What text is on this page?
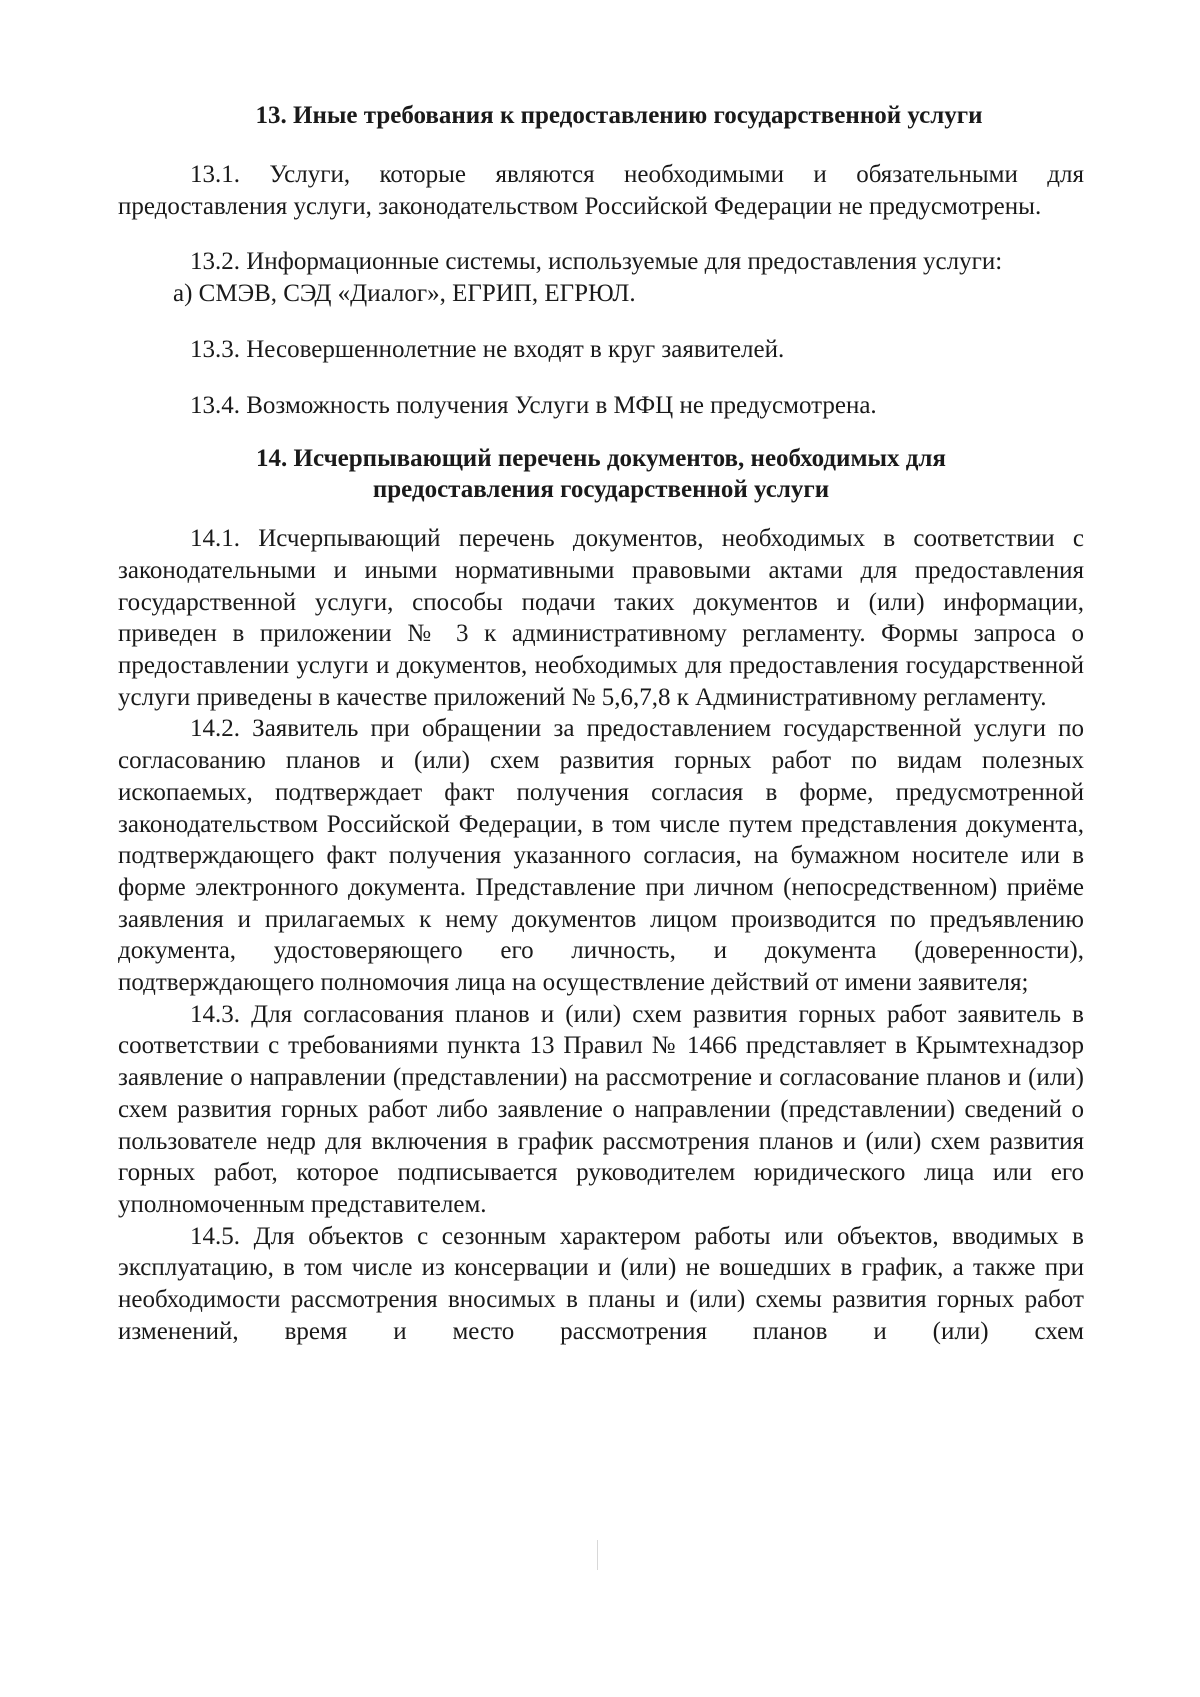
13. Иные требования к предоставлению государственной услуги

13.1. Услуги, которые являются необходимыми и обязательными для предоставления услуги, законодательством Российской Федерации не предусмотрены.

13.2. Информационные системы, используемые для предоставления услуги:

а) СМЭВ, СЭД «Диалог», ЕГРИП, ЕГРЮЛ.

13.3. Несовершеннолетние не входят в круг заявителей.

13.4. Возможность получения Услуги в МФЦ не предусмотрена.

14. Исчерпывающий перечень документов, необходимых для
предоставления государственной услуги

14.1. Исчерпывающий перечень документов, необходимых в соответствии с законодательными и иными нормативными правовыми актами для предоставления государственной услуги, способы подачи таких документов и (или) информации, приведен в приложении № 3 к административному регламенту. Формы запроса о предоставлении услуги и документов, необходимых для предоставления государственной услуги приведены в качестве приложений № 5,6,7,8 к Административному регламенту.

14.2. Заявитель при обращении за предоставлением государственной услуги по согласованию планов и (или) схем развития горных работ по видам полезных ископаемых, подтверждает факт получения согласия в форме, предусмотренной законодательством Российской Федерации, в том числе путем представления документа, подтверждающего факт получения указанного согласия, на бумажном носителе или в форме электронного документа. Представление при личном (непосредственном) приёме заявления и прилагаемых к нему документов лицом производится по предъявлению документа, удостоверяющего его личность, и документа (доверенности), подтверждающего полномочия лица на осуществление действий от имени заявителя;

14.3. Для согласования планов и (или) схем развития горных работ заявитель в соответствии с требованиями пункта 13 Правил № 1466 представляет в Крымтехнадзор заявление о направлении (представлении) на рассмотрение и согласование планов и (или) схем развития горных работ либо заявление о направлении (представлении) сведений о пользователе недр для включения в график рассмотрения планов и (или) схем развития горных работ, которое подписывается руководителем юридического лица или его уполномоченным представителем.

14.5. Для объектов с сезонным характером работы или объектов, вводимых в эксплуатацию, в том числе из консервации и (или) не вошедших в график, а также при необходимости рассмотрения вносимых в планы и (или) схемы развития горных работ изменений, время и место рассмотрения планов и (или) схем
